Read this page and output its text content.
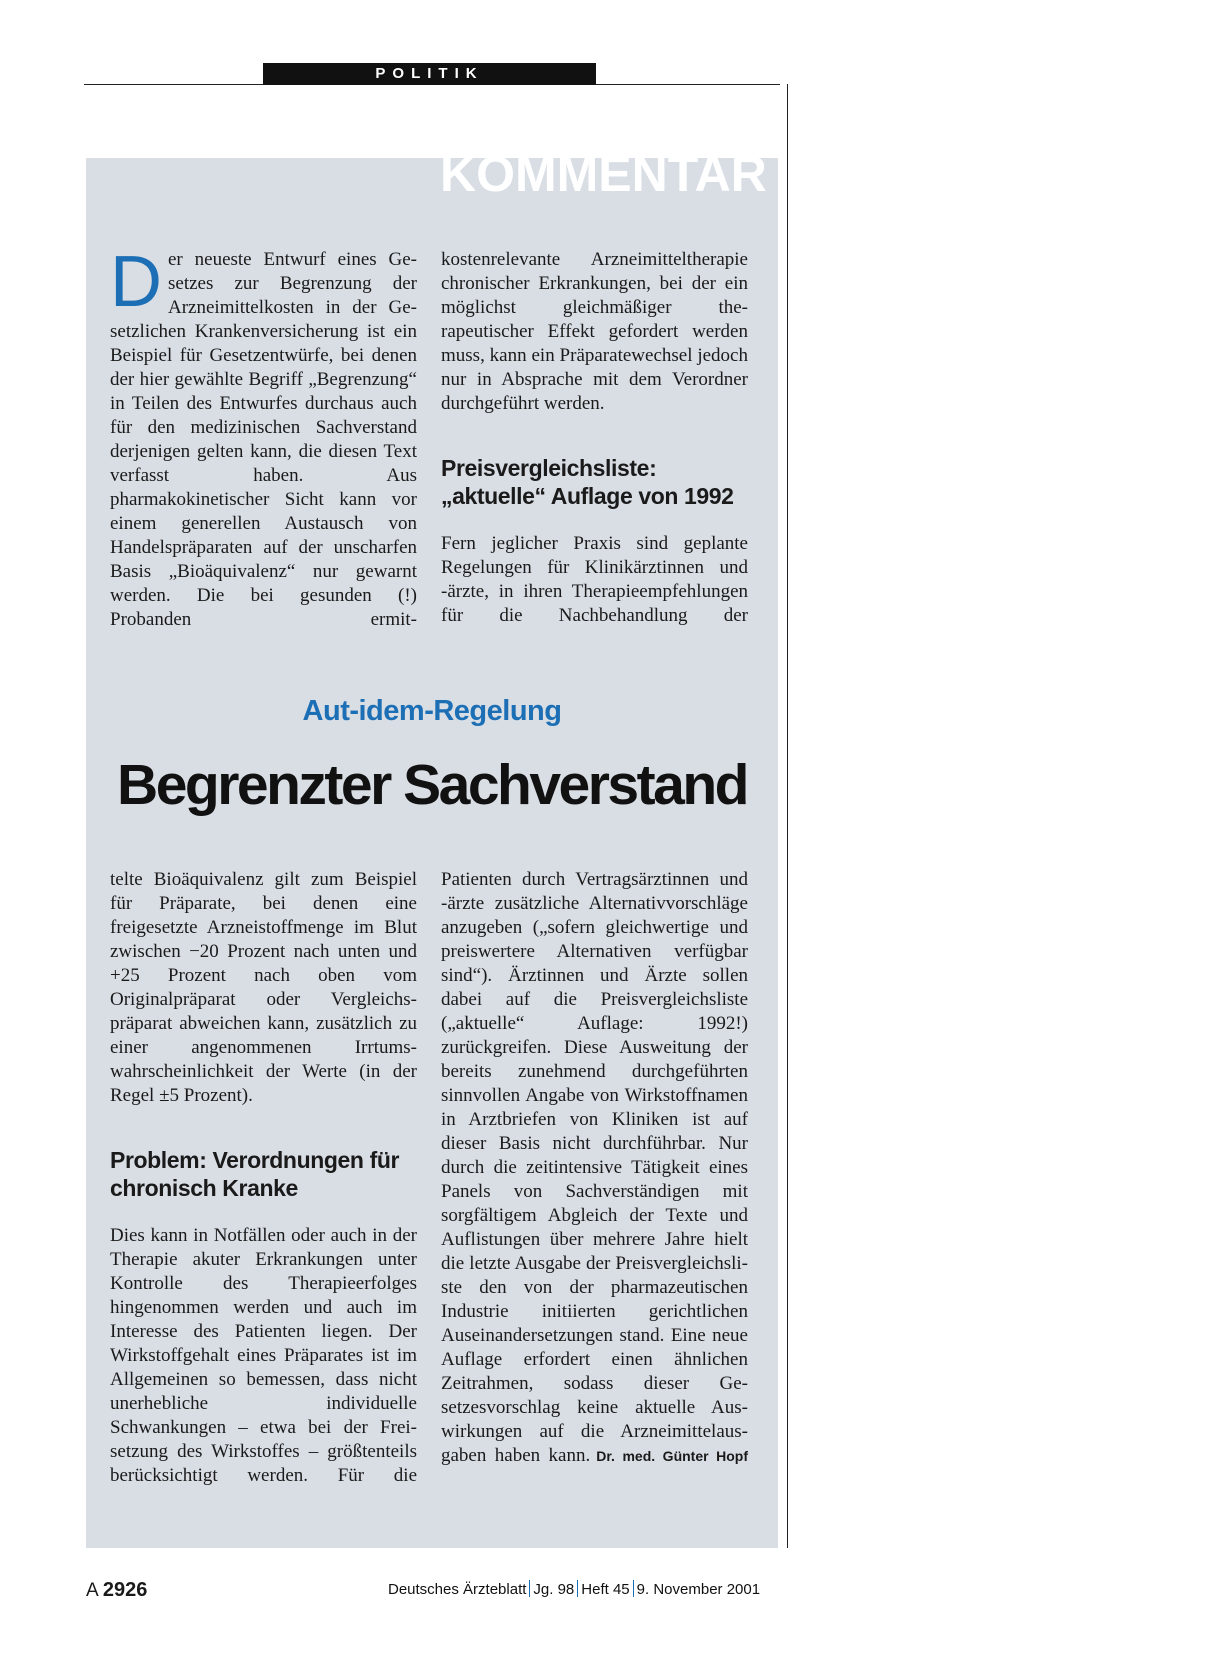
POLITIK
KOMMENTAR

Der neueste Entwurf eines Gesetzes zur Begrenzung der Arzneimittelkosten in der Gesetzlichen Krankenversicherung ist ein Beispiel für Gesetzentwürfe, bei denen der hier gewählte Begriff „Begrenzung“ in Teilen des Entwurfes durchaus auch für den medizinischen Sachverstand derjenigen gelten kann, die diesen Text verfasst haben. Aus pharmakokinetischer Sicht kann vor einem generellen Austausch von Handelspräparaten auf der unscharfen Basis „Bioäquivalenz“ nur gewarnt werden. Die bei gesunden (!) Probanden ermit-

kostenrelevante Arzneimitteltherapie chronischer Erkrankungen, bei der ein möglichst gleichmäßiger therapeutischer Effekt gefordert werden muss, kann ein Präparatewechsel jedoch nur in Absprache mit dem Verordner durchgeführt werden.

Preisvergleichsliste: „aktuelle“ Auflage von 1992

Fern jeglicher Praxis sind geplante Regelungen für Klinikärztinnen und -ärzte, in ihren Therapieempfehlungen für die Nachbehandlung der

Aut-idem-Regelung
Begrenzter Sachverstand

telte Bioäquivalenz gilt zum Beispiel für Präparate, bei denen eine freigesetzte Arzneistoffmenge im Blut zwischen −20 Prozent nach unten und +25 Prozent nach oben vom Originalpräparat oder Vergleichspräparat abweichen kann, zusätzlich zu einer angenommenen Irrtumswahrscheinlichkeit der Werte (in der Regel ±5 Prozent).

Problem: Verordnungen für chronisch Kranke

Dies kann in Notfällen oder auch in der Therapie akuter Erkrankungen unter Kontrolle des Therapieerfolges hingenommen werden und auch im Interesse des Patienten liegen. Der Wirkstoffgehalt eines Präparates ist im Allgemeinen so bemessen, dass nicht unerhebliche individuelle Schwankungen – etwa bei der Freisetzung des Wirkstoffes – größtenteils berücksichtigt werden. Für die

Patienten durch Vertragsärztinnen und -ärzte zusätzliche Alternativvorschläge anzugeben („sofern gleichwertige und preiswertere Alternativen verfügbar sind“). Ärztinnen und Ärzte sollen dabei auf die Preisvergleichsliste („aktuelle“ Auflage: 1992!) zurückgreifen. Diese Ausweitung der bereits zunehmend durchgeführten sinnvollen Angabe von Wirkstoffnamen in Arztbriefen von Kliniken ist auf dieser Basis nicht durchführbar. Nur durch die zeitintensive Tätigkeit eines Panels von Sachverständigen mit sorgfältigem Abgleich der Texte und Auflistungen über mehrere Jahre hielt die letzte Ausgabe der Preisvergleichsliste den von der pharmazeutischen Industrie initiierten gerichtlichen Auseinandersetzungen stand. Eine neue Auflage erfordert einen ähnlichen Zeitrahmen, sodass dieser Gesetzesvorschlag keine aktuelle Auswirkungen auf die Arzneimittelausgaben haben kann. Dr. med. Günter Hopf

A 2926	Deutsches Ärzteblatt Jg. 98 Heft 45 9. November 2001
